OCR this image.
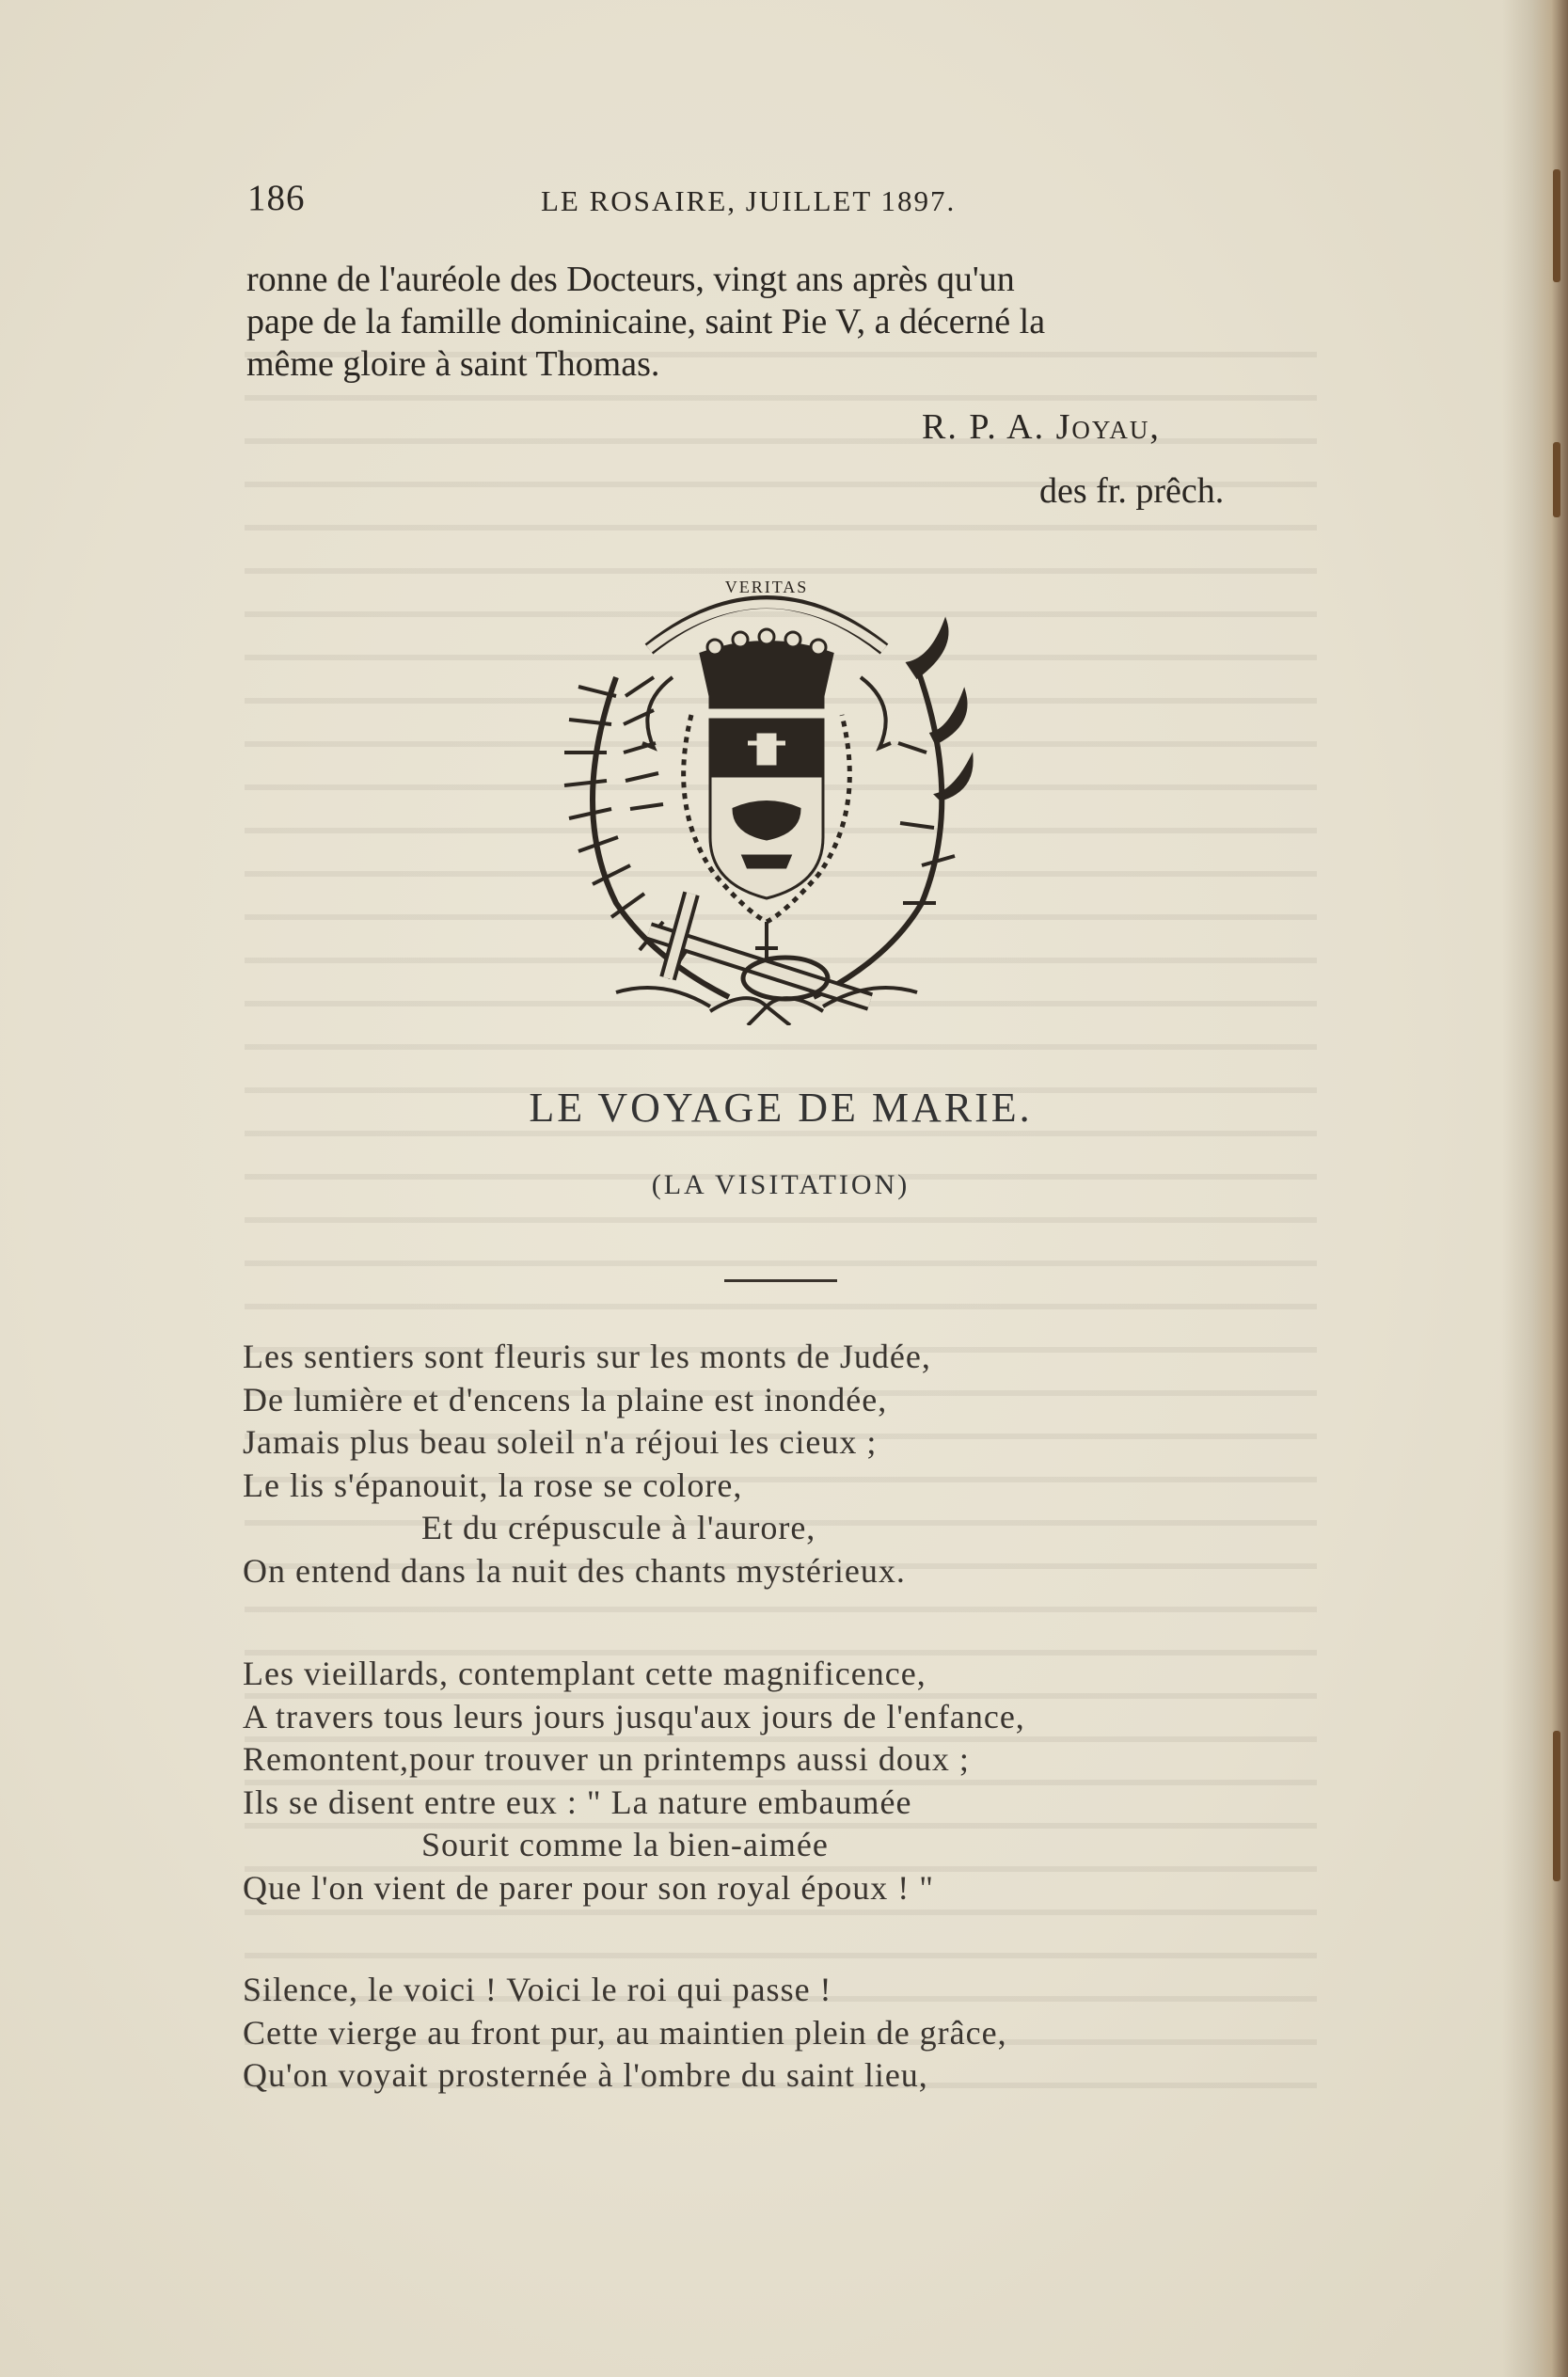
186	LE ROSAIRE, JUILLET 1897.

ronne de l'auréole des Docteurs, vingt ans après qu'un

pape de la famille dominicaine, saint Pie V, a décerné la

même gloire à saint Thomas.

R. P. A. Joyau,
des fr. prêch.
VERITAS
LE VOYAGE DE MARIE.
(LA VISITATION)
Les sentiers sont fleuris sur les monts de Judée,
De lumière et d'encens la plaine est inondée,
Jamais plus beau soleil n'a réjoui les cieux ;
Le lis s'épanouit, la rose se colore,
Et du crépuscule à l'aurore,
On entend dans la nuit des chants mystérieux.
Les vieillards, contemplant cette magnificence,
A travers tous leurs jours jusqu'aux jours de l'enfance,
Remontent,pour trouver un printemps aussi doux ;
Ils se disent entre eux : " La nature embaumée
Sourit comme la bien-aimée
Que l'on vient de parer pour son royal époux ! "
Silence, le voici ! Voici le roi qui passe !
Cette vierge au front pur, au maintien plein de grâce,
Qu'on voyait prosternée à l'ombre du saint lieu,
